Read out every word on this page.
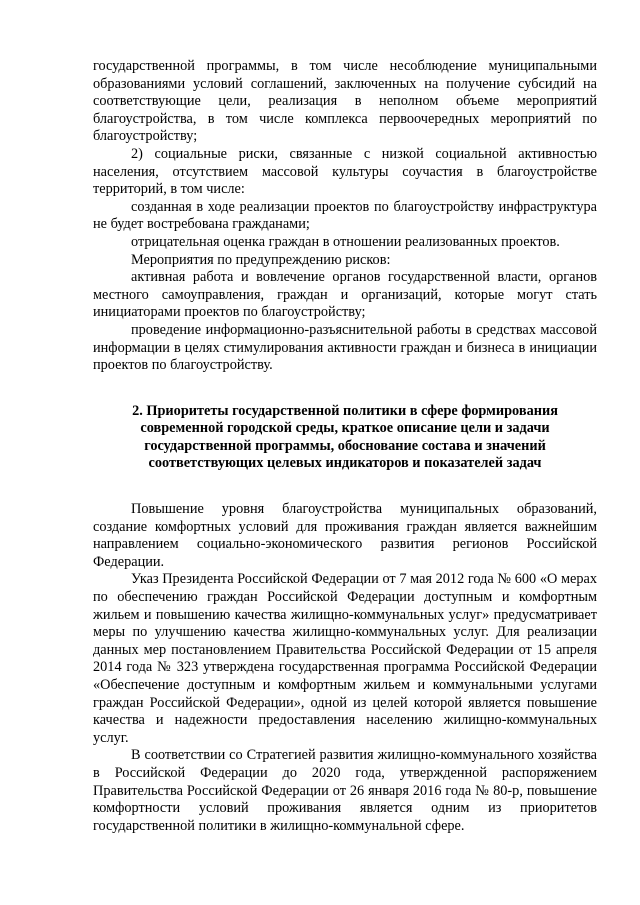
государственной программы, в том числе несоблюдение муниципальными образованиями условий соглашений, заключенных на получение субсидий на соответствующие цели, реализация в неполном объеме мероприятий благоустройства, в том числе комплекса первоочередных мероприятий по благоустройству;

2) социальные риски, связанные с низкой социальной активностью населения, отсутствием массовой культуры соучастия в благоустройстве территорий, в том числе:

созданная в ходе реализации проектов по благоустройству инфраструктура не будет востребована гражданами;

отрицательная оценка граждан в отношении реализованных проектов.

Мероприятия по предупреждению рисков:

активная работа и вовлечение органов государственной власти, органов местного самоуправления, граждан и организаций, которые могут стать инициаторами проектов по благоустройству;

проведение информационно-разъяснительной работы в средствах массовой информации в целях стимулирования активности граждан и бизнеса в инициации проектов по благоустройству.

2. Приоритеты государственной политики в сфере формирования современной городской среды, краткое описание цели и задачи государственной программы, обоснование состава и значений соответствующих целевых индикаторов и показателей задач

Повышение уровня благоустройства муниципальных образований, создание комфортных условий для проживания граждан является важнейшим направлением социально-экономического развития регионов Российской Федерации.

Указ Президента Российской Федерации от 7 мая 2012 года № 600 «О мерах по обеспечению граждан Российской Федерации доступным и комфортным жильем и повышению качества жилищно-коммунальных услуг» предусматривает меры по улучшению качества жилищно-коммунальных услуг. Для реализации данных мер постановлением Правительства Российской Федерации от 15 апреля 2014 года № 323 утверждена государственная программа Российской Федерации «Обеспечение доступным и комфортным жильем и коммунальными услугами граждан Российской Федерации», одной из целей которой является повышение качества и надежности предоставления населению жилищно-коммунальных услуг.

В соответствии со Стратегией развития жилищно-коммунального хозяйства в Российской Федерации до 2020 года, утвержденной распоряжением Правительства Российской Федерации от 26 января 2016 года № 80-р, повышение комфортности условий проживания является одним из приоритетов государственной политики в жилищно-коммунальной сфере.
